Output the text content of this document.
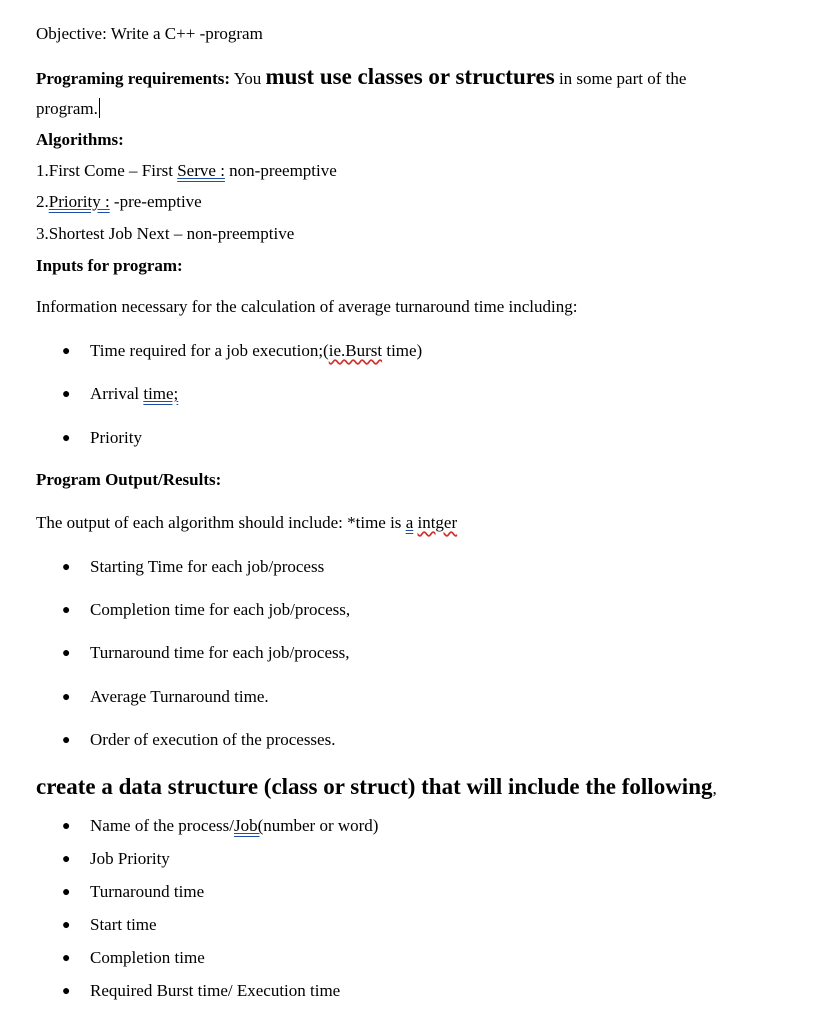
Objective: Write a C++ -program
Programing requirements: You must use classes or structures in some part of the
program.
Algorithms:
1.First Come – First Serve : non-preemptive
2.Priority : -pre-emptive
3.Shortest Job Next – non-preemptive
Inputs for program:
Information necessary for the calculation of average turnaround time including:
● Time required for a job execution;(ie.Burst time)
● Arrival time;
● Priority
Program Output/Results:
The output of each algorithm should include: *time is a intger
● Starting Time for each job/process
● Completion time for each job/process,
● Turnaround time for each job/process,
● Average Turnaround time.
● Order of execution of the processes.
create a data structure (class or struct) that will include the following,
● Name of the process/Job(number or word)
● Job Priority
● Turnaround time
● Start time
● Completion time
● Required Burst time/ Execution time
